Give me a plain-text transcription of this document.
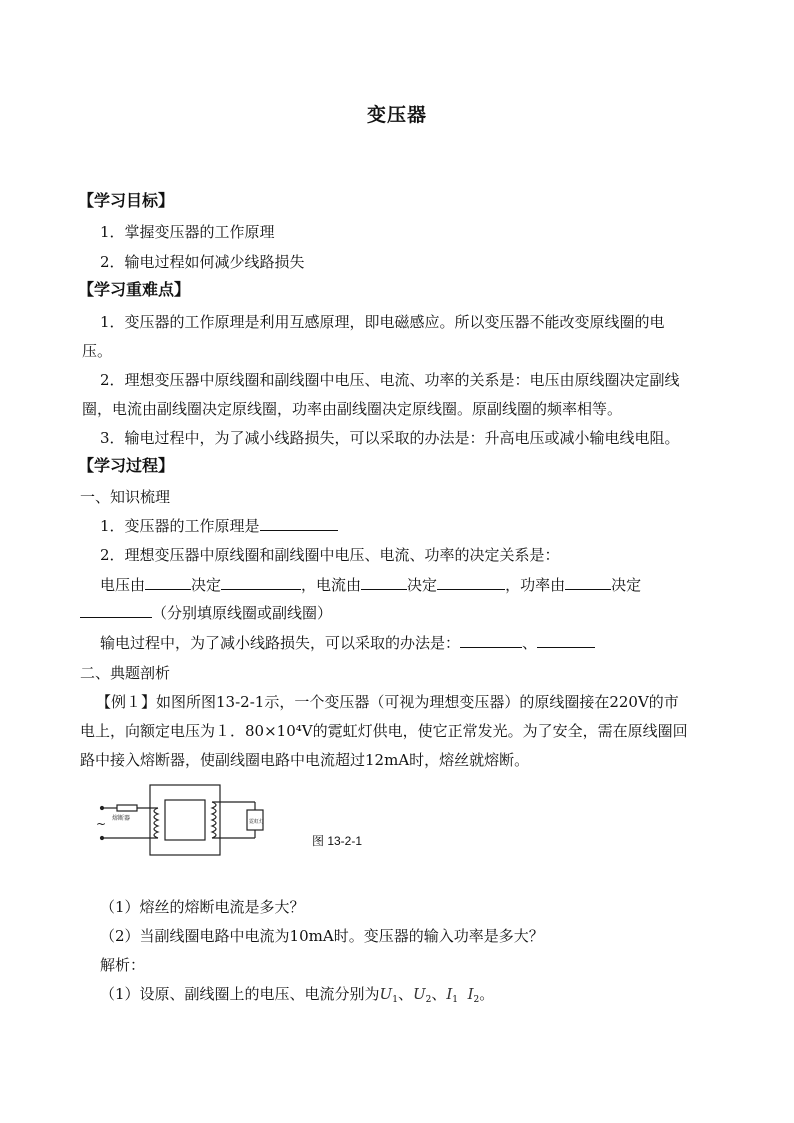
变压器
【学习目标】
1．掌握变压器的工作原理
2．输电过程如何减少线路损失
【学习重难点】
1．变压器的工作原理是利用互感原理，即电磁感应。所以变压器不能改变原线圈的电
压。
2．理想变压器中原线圈和副线圈中电压、电流、功率的关系是：电压由原线圈决定副线
圈，电流由副线圈决定原线圈，功率由副线圈决定原线圈。原副线圈的频率相等。
3．输电过程中，为了减小线路损失，可以采取的办法是：升高电压或减小输电线电阻。
【学习过程】
一、知识梳理
1．变压器的工作原理是
2．理想变压器中原线圈和副线圈中电压、电流、功率的决定关系是：
电压由	决定	，电流由	决定	，功率由	决定
（分别填原线圈或副线圈）
输电过程中，为了减小线路损失，可以采取的办法是：	、
二、典题剖析
【例１】如图所图13-2-1示，一个变压器（可视为理想变压器）的原线圈接在220V的市
电上，向额定电压为１．80×10⁴V的霓虹灯供电，使它正常发光。为了安全，需在原线圈回
路中接入熔断器，使副线圈电路中电流超过12mA时，熔丝就熔断。
熔断器
~	霓虹灯
图 13-2-1
（1）熔丝的熔断电流是多大？
（2）当副线圈电路中电流为10mA时。变压器的输入功率是多大？
解析：
（1）设原、副线圈上的电压、电流分别为$U_1$、$U_2$、$I_1$ $I_2$。
